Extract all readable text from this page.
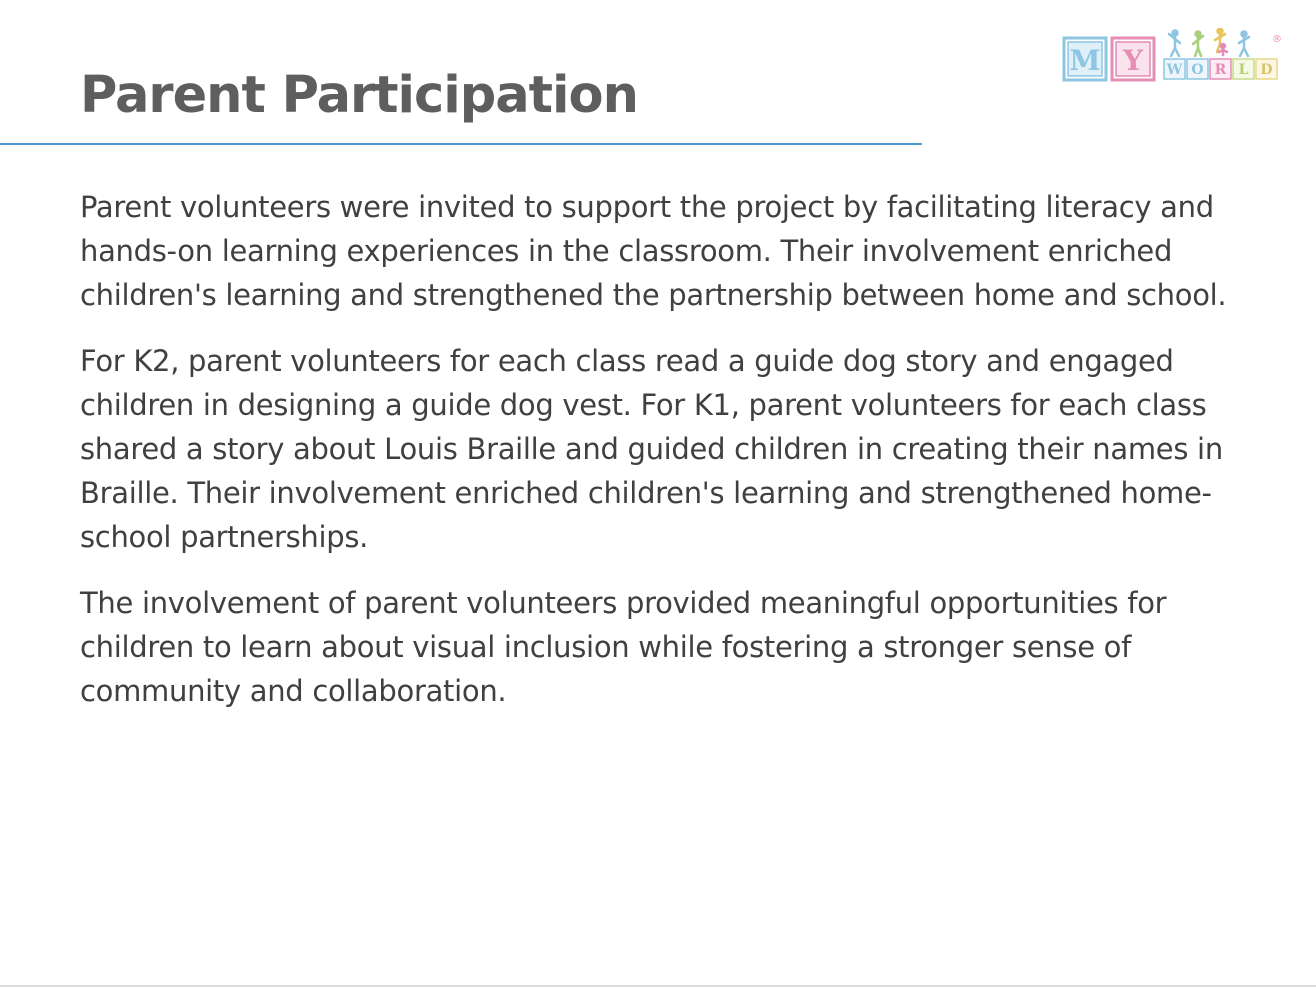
M Y W O R L D
®
Parent Participation

Parent volunteers were invited to support the project by facilitating literacy and hands-on learning experiences in the classroom. Their involvement enriched children's learning and strengthened the partnership between home and school.

For K2, parent volunteers for each class read a guide dog story and engaged children in designing a guide dog vest. For K1, parent volunteers for each class shared a story about Louis Braille and guided children in creating their names in Braille. Their involvement enriched children's learning and strengthened home-school partnerships.

The involvement of parent volunteers provided meaningful opportunities for children to learn about visual inclusion while fostering a stronger sense of community and collaboration.
